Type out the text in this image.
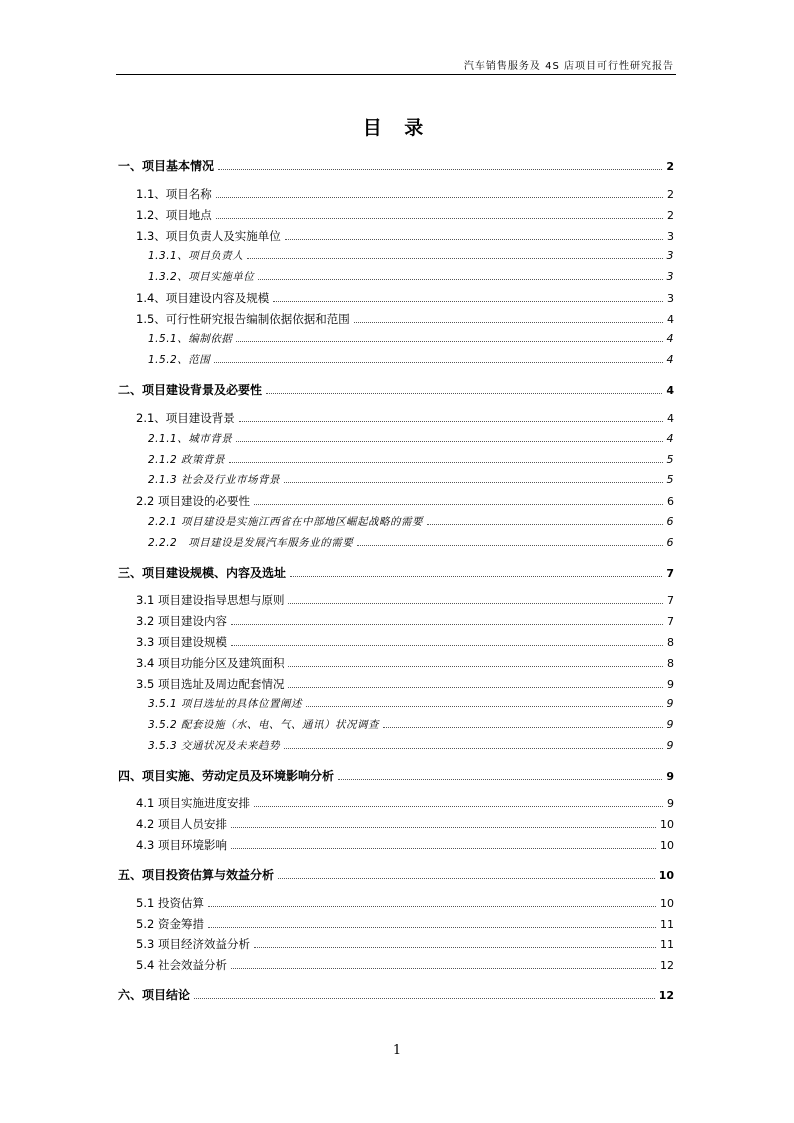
汽车销售服务及 4S 店项目可行性研究报告
目 录
一、项目基本情况	2
1.1、项目名称	2
1.2、项目地点	2
1.3、项目负责人及实施单位	3
1.3.1、项目负责人	3
1.3.2、项目实施单位	3
1.4、项目建设内容及规模	3
1.5、可行性研究报告编制依据依据和范围	4
1.5.1、编制依据	4
1.5.2、范围	4
二、项目建设背景及必要性	4
2.1、项目建设背景	4
2.1.1、城市背景	4
2.1.2 政策背景	5
2.1.3 社会及行业市场背景	5
2.2 项目建设的必要性	6
2.2.1 项目建设是实施江西省在中部地区崛起战略的需要	6
2.2.2　项目建设是发展汽车服务业的需要	6
三、项目建设规模、内容及选址	7
3.1 项目建设指导思想与原则	7
3.2 项目建设内容	7
3.3 项目建设规模	8
3.4 项目功能分区及建筑面积	8
3.5 项目选址及周边配套情况	9
3.5.1 项目选址的具体位置阐述	9
3.5.2 配套设施（水、电、气、通讯）状况调查	9
3.5.3 交通状况及未来趋势	9
四、项目实施、劳动定员及环境影响分析	9
4.1 项目实施进度安排	9
4.2 项目人员安排	10
4.3 项目环境影响	10
五、项目投资估算与效益分析	10
5.1 投资估算	10
5.2 资金筹措	11
5.3 项目经济效益分析	11
5.4 社会效益分析	12
六、项目结论	12
1
